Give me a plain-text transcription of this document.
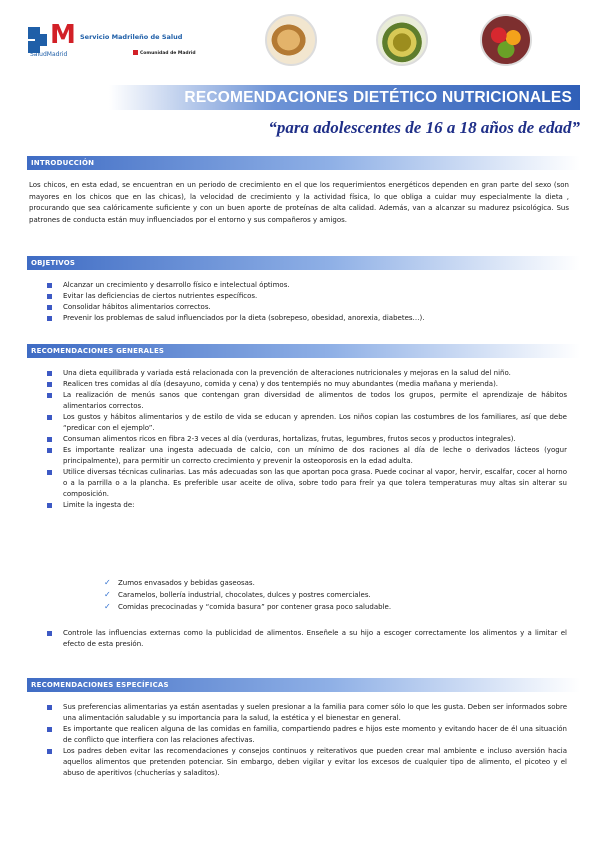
M
SaludMadrid
Servicio Madrileño de Salud
Comunidad de Madrid
RECOMENDACIONES DIETÉTICO NUTRICIONALES
“para adolescentes de 16 a 18 años de edad”
INTRODUCCIÓN

Los chicos, en esta edad, se encuentran en un periodo de crecimiento en el que los requerimientos energéticos dependen en gran parte del sexo (son mayores en los chicos que en las chicas), la velocidad de crecimiento y la actividad física, lo que obliga a cuidar muy especialmente la dieta , procurando que sea calóricamente suficiente y con un buen aporte de proteínas de alta calidad. Además, van a alcanzar su madurez psicológica. Sus patrones de conducta están muy influenciados por el entorno y sus compañeros y amigos.

OBJETIVOS
Alcanzar un crecimiento y desarrollo físico e intelectual óptimos.
Evitar las deficiencias de ciertos nutrientes específicos.
Consolidar hábitos alimentarios correctos.
Prevenir los problemas de salud influenciados por la dieta (sobrepeso, obesidad, anorexia, diabetes…).
RECOMENDACIONES GENERALES
Una dieta equilibrada y variada está relacionada con la prevención de alteraciones nutricionales y mejoras en la salud del niño.
Realicen tres comidas al día (desayuno, comida y cena) y dos tentempiés no muy abundantes (media mañana y merienda).
La realización de menús sanos que contengan gran diversidad de alimentos de todos los grupos, permite el aprendizaje de hábitos alimentarios correctos.
Los gustos y hábitos alimentarios y de estilo de vida se educan y aprenden. Los niños copian las costumbres de los familiares, así que debe “predicar con el ejemplo”.
Consuman alimentos ricos en fibra 2-3 veces al día (verduras, hortalizas, frutas, legumbres, frutos secos y productos integrales).
Es importante realizar una ingesta adecuada de calcio, con un mínimo de dos raciones al día de leche o derivados lácteos (yogur principalmente), para permitir un correcto crecimiento y prevenir la osteoporosis en la edad adulta.
Utilice diversas técnicas culinarias. Las más adecuadas son las que aportan poca grasa. Puede cocinar al vapor, hervir, escalfar, cocer al horno o a la parrilla o a la plancha. Es preferible usar aceite de oliva, sobre todo para freír ya que tolera temperaturas muy altas sin alterar su composición.
Limite la ingesta de:
✓ Zumos envasados y bebidas gaseosas.
✓ Caramelos, bollería industrial, chocolates, dulces y postres comerciales.
✓ Comidas precocinadas y “comida basura” por contener grasa poco saludable.
Controle las influencias externas como la publicidad de alimentos. Enseñele a su hijo a escoger correctamente los alimentos y a limitar el efecto de esta presión.
RECOMENDACIONES ESPECÍFICAS
Sus preferencias alimentarias ya están asentadas y suelen presionar a la familia para comer sólo lo que les gusta. Deben ser informados sobre una alimentación saludable y su importancia para la salud, la estética y el bienestar en general.
Es importante que realicen alguna de las comidas en familia, compartiendo padres e hijos este momento y evitando hacer de él una situación de conflicto que interfiera con las relaciones afectivas.
Los padres deben evitar las recomendaciones y consejos continuos y reiterativos que pueden crear mal ambiente e incluso aversión hacia aquellos alimentos que pretenden potenciar. Sin embargo, deben vigilar y evitar los excesos de cualquier tipo de alimento, el picoteo y el abuso de aperitivos (chucherías y saladitos).
